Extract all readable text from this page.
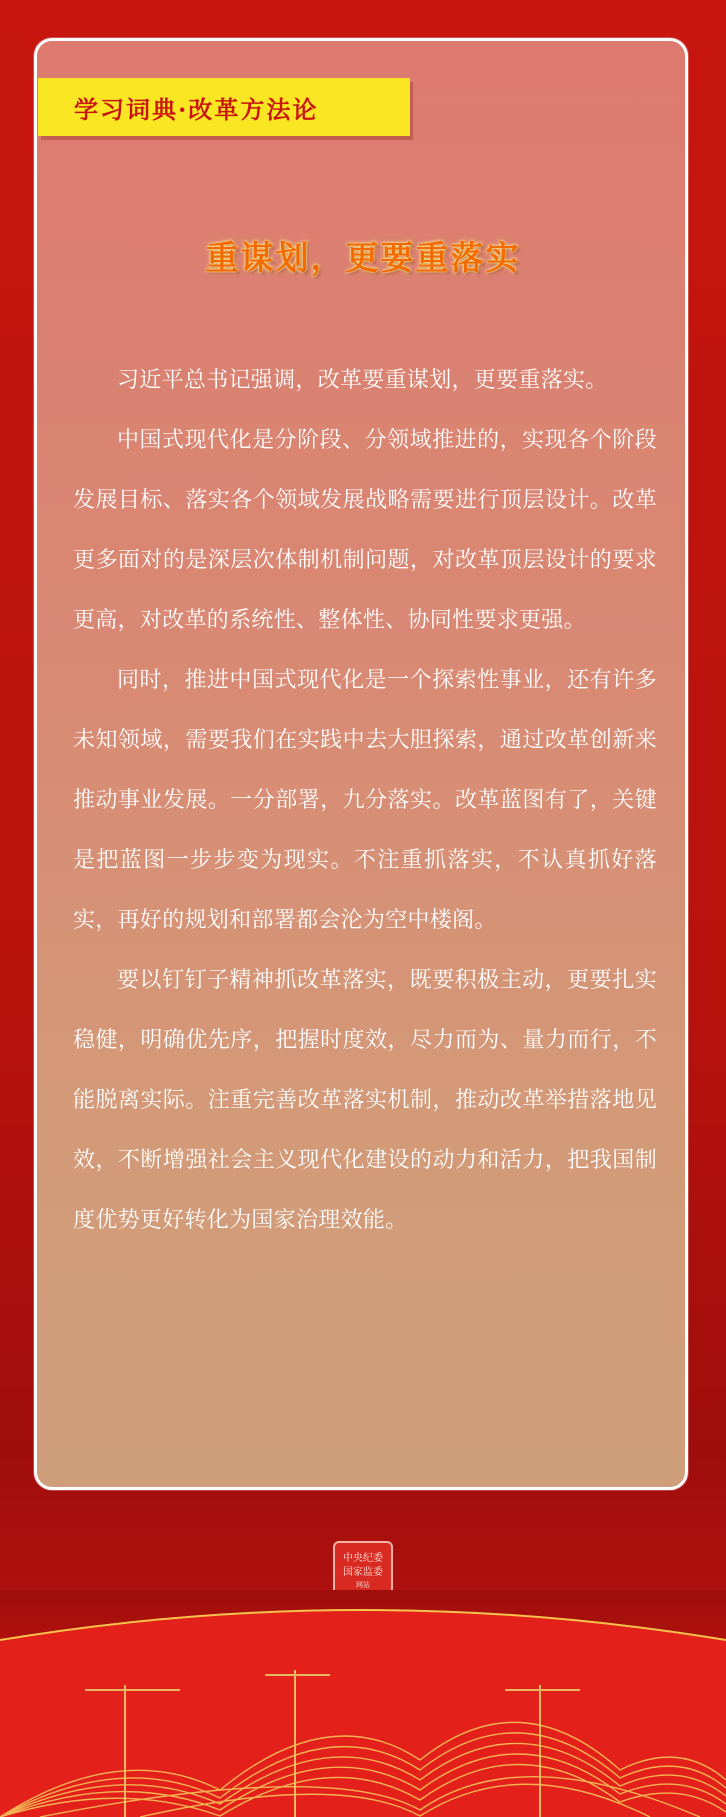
学习词典·改革方法论
重谋划，更要重落实

习近平总书记强调，改革要重谋划，更要重落实。

中国式现代化是分阶段、分领域推进的，实现各个阶段发展目标、落实各个领域发展战略需要进行顶层设计。改革更多面对的是深层次体制机制问题，对改革顶层设计的要求更高，对改革的系统性、整体性、协同性要求更强。

同时，推进中国式现代化是一个探索性事业，还有许多未知领域，需要我们在实践中去大胆探索，通过改革创新来推动事业发展。一分部署，九分落实。改革蓝图有了，关键是把蓝图一步步变为现实。不注重抓落实，不认真抓好落实，再好的规划和部署都会沦为空中楼阁。

要以钉钉子精神抓改革落实，既要积极主动，更要扎实稳健，明确优先序，把握时度效，尽力而为、量力而行，不能脱离实际。注重完善改革落实机制，推动改革举措落地见效，不断增强社会主义现代化建设的动力和活力，把我国制度优势更好转化为国家治理效能。

中央纪委
国家监委
网站
